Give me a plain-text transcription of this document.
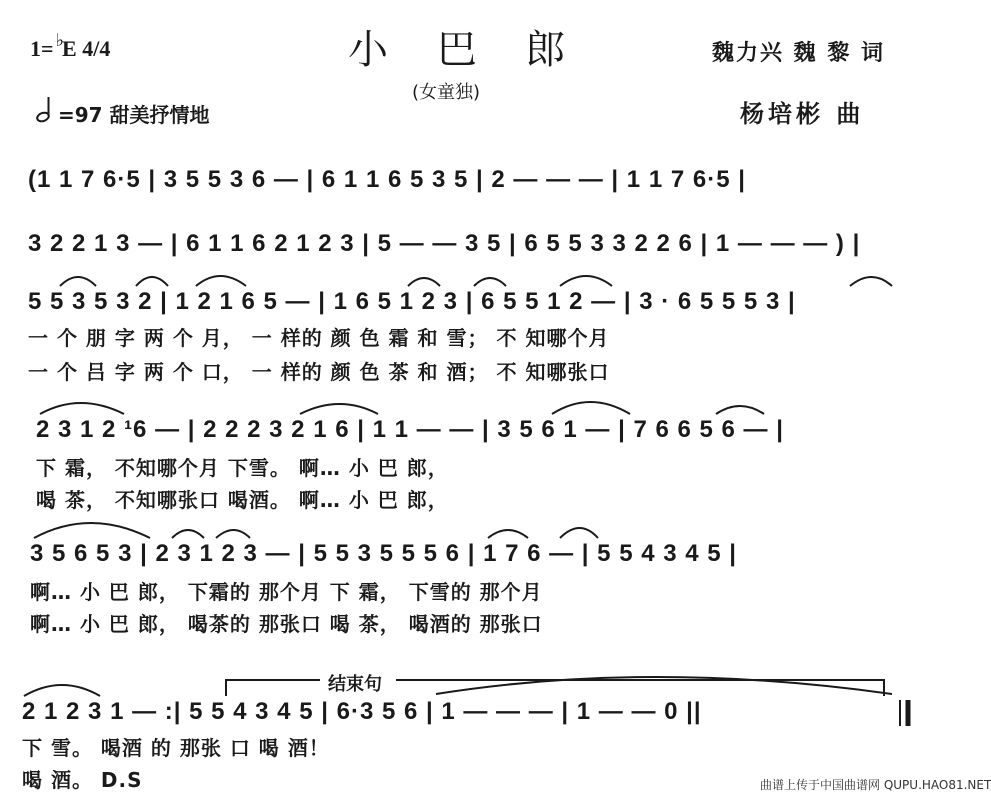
1= ♭E 4/4	小 巴 郎
(女童独)
=97 甜美抒情地
魏力兴 魏 黎 词
杨培彬 曲
(1 1 7 6·5 | 3 5 5 3 6 — | 6 1 1 6 5 3 5 | 2 — — — | 1 1 7 6·5 |
3 2 2 1 3 — | 6 1 1 6 2 1 2 3 | 5 — — 3 5 | 6 5 5 3 3 2 2 6 | 1 — — — ) |
5 5 3 5 3 2 | 1 2 1 6 5 — | 1 6 5 1 2 3 | 6 5 5 1 2 — | 3 · 6 5 5 5 3 |
一 个 朋 字 两 个 月， 一 样的 颜 色 霜 和 雪； 不 知哪个月
一 个 吕 字 两 个 口， 一 样的 颜 色 茶 和 酒； 不 知哪张口
2 3 1 2 ¹6 — | 2 2 2 3 2 1 6 | 1 1 — — | 3 5 6 1 — | 7 6 6 5 6 — |
下 霜， 不知哪个月 下雪。 啊… 小 巴 郎，
喝 茶， 不知哪张口 喝酒。 啊… 小 巴 郎，
3 5 6 5 3 | 2 3 1 2 3 — | 5 5 3 5 5 5 6 | 1 7 6 — | 5 5 4 3 4 5 |
啊… 小 巴 郎， 下霜的 那个月 下 霜， 下雪的 那个月
啊… 小 巴 郎， 喝茶的 那张口 喝 茶， 喝酒的 那张口
结束句
2 1 2 3 1 — :| 5 5 4 3 4 5 | 6·3 5 6 | 1 — — — | 1 — — 0 ||
下 雪。 喝酒 的 那张 口 喝 酒！
喝 酒。 D.S	曲谱上传于中国曲谱网 QUPU.HAO81.NET
